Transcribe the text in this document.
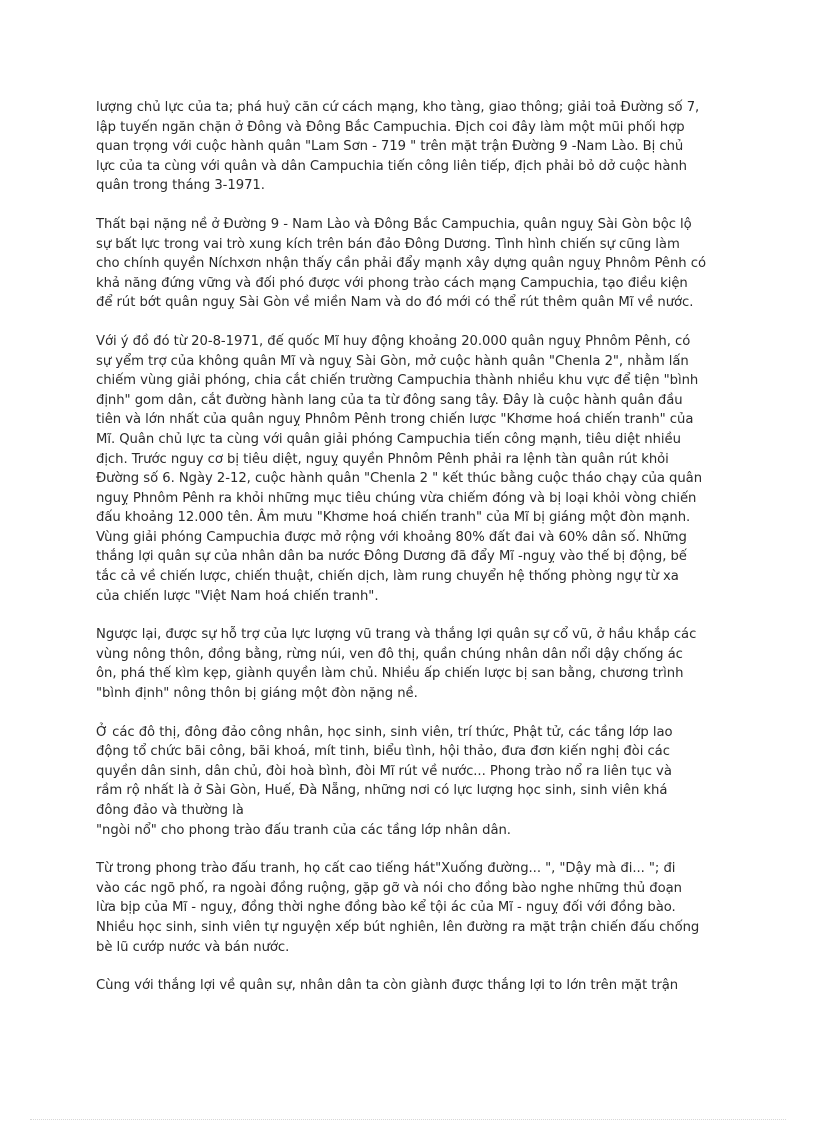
lượng chủ lực của ta; phá huỷ căn cứ cách mạng, kho tàng, giao thông; giải toả Đường số 7,
lập tuyến ngăn chặn ở Đông và Đông Bắc Campuchia. Địch coi đây làm một mũi phối hợp
quan trọng với cuộc hành quân "Lam Sơn - 719 " trên mặt trận Đường 9 -Nam Lào. Bị chủ
lực của ta cùng với quân và dân Campuchia tiến công liên tiếp, địch phải bỏ dở cuộc hành
quân trong tháng 3-1971.

Thất bại nặng nề ở Đường 9 - Nam Lào và Đông Bắc Campuchia, quân nguỵ Sài Gòn bộc lộ
sự bất lực trong vai trò xung kích trên bán đảo Đông Dương. Tình hình chiến sự cũng làm
cho chính quyền Níchxơn nhận thấy cần phải đẩy mạnh xây dựng quân nguỵ Phnôm Pênh có
khả năng đứng vững và đối phó được với phong trào cách mạng Campuchia, tạo điều kiện
để rút bớt quân nguỵ Sài Gòn về miền Nam và do đó mới có thể rút thêm quân Mĩ về nước.

Với ý đồ đó từ 20-8-1971, đế quốc Mĩ huy động khoảng 20.000 quân nguỵ Phnôm Pênh, có
sự yểm trợ của không quân Mĩ và nguỵ Sài Gòn, mở cuộc hành quân "Chenla 2", nhằm lấn
chiếm vùng giải phóng, chia cắt chiến trường Campuchia thành nhiều khu vực để tiện "bình
định" gom dân, cắt đường hành lang của ta từ đông sang tây. Đây là cuộc hành quân đầu
tiên và lớn nhất của quân nguỵ Phnôm Pênh trong chiến lược "Khơme hoá chiến tranh" của
Mĩ. Quân chủ lực ta cùng với quân giải phóng Campuchia tiến công mạnh, tiêu diệt nhiều
địch. Trước nguy cơ bị tiêu diệt, nguỵ quyền Phnôm Pênh phải ra lệnh tàn quân rút khỏi
Đường số 6. Ngày 2-12, cuộc hành quân "Chenla 2 " kết thúc bằng cuộc tháo chạy của quân
nguỵ Phnôm Pênh ra khỏi những mục tiêu chúng vừa chiếm đóng và bị loại khỏi vòng chiến
đấu khoảng 12.000 tên. Âm mưu "Khơme hoá chiến tranh" của Mĩ bị giáng một đòn mạnh.
Vùng giải phóng Campuchia được mở rộng với khoảng 80% đất đai và 60% dân số. Những
thắng lợi quân sự của nhân dân ba nước Đông Dương đã đẩy Mĩ -nguỵ vào thế bị động, bế
tắc cả về chiến lược, chiến thuật, chiến dịch, làm rung chuyển hệ thống phòng ngự từ xa
của chiến lược "Việt Nam hoá chiến tranh".

Ngược lại, được sự hỗ trợ của lực lượng vũ trang và thắng lợi quân sự cổ vũ, ở hầu khắp các
vùng nông thôn, đồng bằng, rừng núi, ven đô thị, quần chúng nhân dân nổi dậy chống ác
ôn, phá thế kìm kẹp, giành quyền làm chủ. Nhiều ấp chiến lược bị san bằng, chương trình
"bình định" nông thôn bị giáng một đòn nặng nề.

Ở các đô thị, đông đảo công nhân, học sinh, sinh viên, trí thức, Phật tử, các tầng lớp lao
động tổ chức bãi công, bãi khoá, mít tinh, biểu tình, hội thảo, đưa đơn kiến nghị đòi các
quyền dân sinh, dân chủ, đòi hoà bình, đòi Mĩ rút về nước... Phong trào nổ ra liên tục và
rầm rộ nhất là ở Sài Gòn, Huế, Đà Nẵng, những nơi có lực lượng học sinh, sinh viên khá
đông đảo và thường là
"ngòi nổ" cho phong trào đấu tranh của các tầng lớp nhân dân.

Từ trong phong trào đấu tranh, họ cất cao tiếng hát"Xuống đường... ", "Dậy mà đi... "; đi
vào các ngõ phố, ra ngoài đồng ruộng, gặp gỡ và nói cho đồng bào nghe những thủ đoạn
lừa bịp của Mĩ - nguỵ, đồng thời nghe đồng bào kể tội ác của Mĩ - nguỵ đối với đồng bào.
Nhiều học sinh, sinh viên tự nguyện xếp bút nghiên, lên đường ra mặt trận chiến đấu chống
bè lũ cướp nước và bán nước.

Cùng với thắng lợi về quân sự, nhân dân ta còn giành được thắng lợi to lớn trên mặt trận
